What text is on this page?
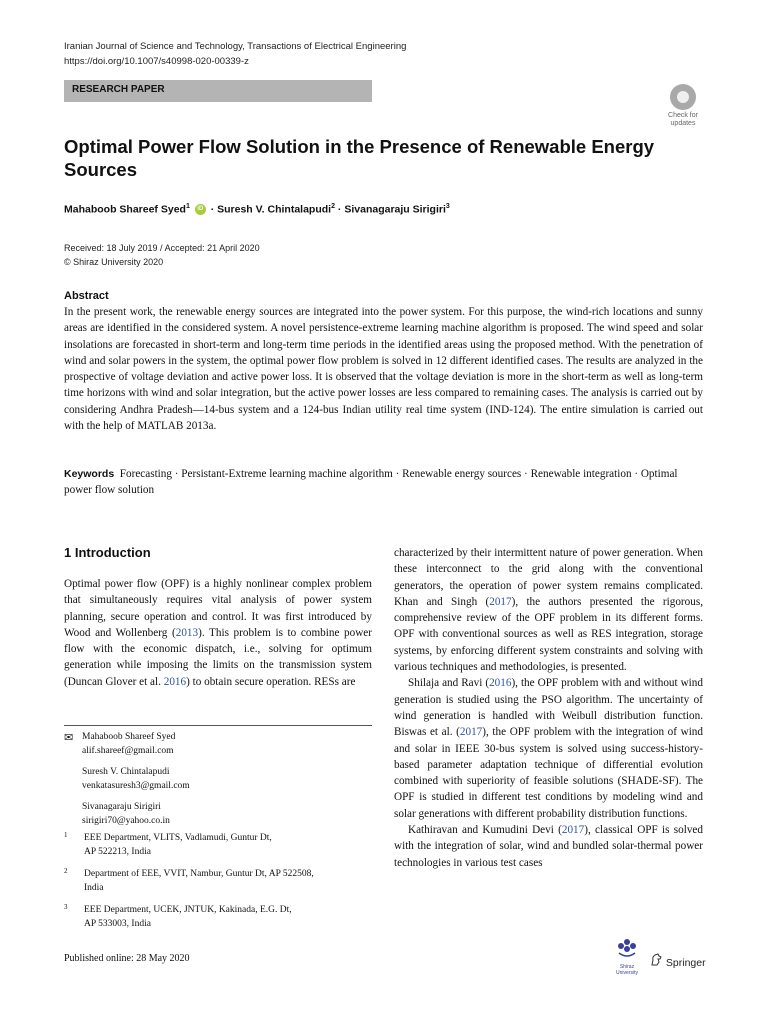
Iranian Journal of Science and Technology, Transactions of Electrical Engineering
https://doi.org/10.1007/s40998-020-00339-z
RESEARCH PAPER
Check for updates
Optimal Power Flow Solution in the Presence of Renewable Energy Sources
Mahaboob Shareef Syed$^1$ iD · Suresh V. Chintalapudi$^2$ · Sivanagaraju Sirigiri$^3$
Received: 18 July 2019 / Accepted: 21 April 2020
© Shiraz University 2020
Abstract
In the present work, the renewable energy sources are integrated into the power system. For this purpose, the wind-rich locations and sunny areas are identified in the considered system. A novel persistence-extreme learning machine algorithm is proposed. The wind speed and solar insolations are forecasted in short-term and long-term time periods in the identified areas using the proposed method. With the penetration of wind and solar powers in the system, the optimal power flow problem is solved in 12 different identified cases. The results are analyzed in the prospective of voltage deviation and active power loss. It is observed that the voltage deviation is more in the short-term as well as long-term time horizons with wind and solar integration, but the active power losses are less compared to remaining cases. The analysis is carried out by considering Andhra Pradesh—14-bus system and a 124-bus Indian utility real time system (IND-124). The entire simulation is carried out with the help of MATLAB 2013a.
Keywords Forecasting · Persistant-Extreme learning machine algorithm · Renewable energy sources · Renewable integration · Optimal power flow solution
1 Introduction
Optimal power flow (OPF) is a highly nonlinear complex problem that simultaneously requires vital analysis of power system planning, secure operation and control. It was first introduced by Wood and Wollenberg (2013). This problem is to combine power flow with the economic dispatch, i.e., solving for optimum generation while imposing the limits on the transmission system (Duncan Glover et al. 2016) to obtain secure operation. RESs are

characterized by their intermittent nature of power generation. When these interconnect to the grid along with the conventional generators, the operation of power system remains complicated. Khan and Singh (2017), the authors presented the rigorous, comprehensive review of the OPF problem in its different forms. OPF with conventional sources as well as RES integration, storage systems, by enforcing different system constraints and solving with various techniques and methodologies, is presented.

Shilaja and Ravi (2016), the OPF problem with and without wind generation is studied using the PSO algorithm. The uncertainty of wind generation is handled with Weibull distribution function. Biswas et al. (2017), the OPF problem with the integration of wind and solar in IEEE 30-bus system is solved using success-history-based parameter adaptation technique of differential evolution combined with superiority of feasible solutions (SHADE-SF). The OPF is studied in different test conditions by modeling wind and solar generations with different probability distribution functions.

Kathiravan and Kumudini Devi (2017), classical OPF is solved with the integration of solar, wind and bundled solar-thermal power technologies in various test cases

✉ Mahaboob Shareef Syed
alif.shareef@gmail.com
Suresh V. Chintalapudi
venkatasuresh3@gmail.com
Sivanagaraju Sirigiri
sirigiri70@yahoo.co.in
1 EEE Department, VLITS, Vadlamudi, Guntur Dt,
AP 522213, India
2 Department of EEE, VVIT, Nambur, Guntur Dt, AP 522508,
India
3 EEE Department, UCEK, JNTUK, Kakinada, E.G. Dt,
AP 533003, India
Published online: 28 May 2020
Shiraz University
Springer
